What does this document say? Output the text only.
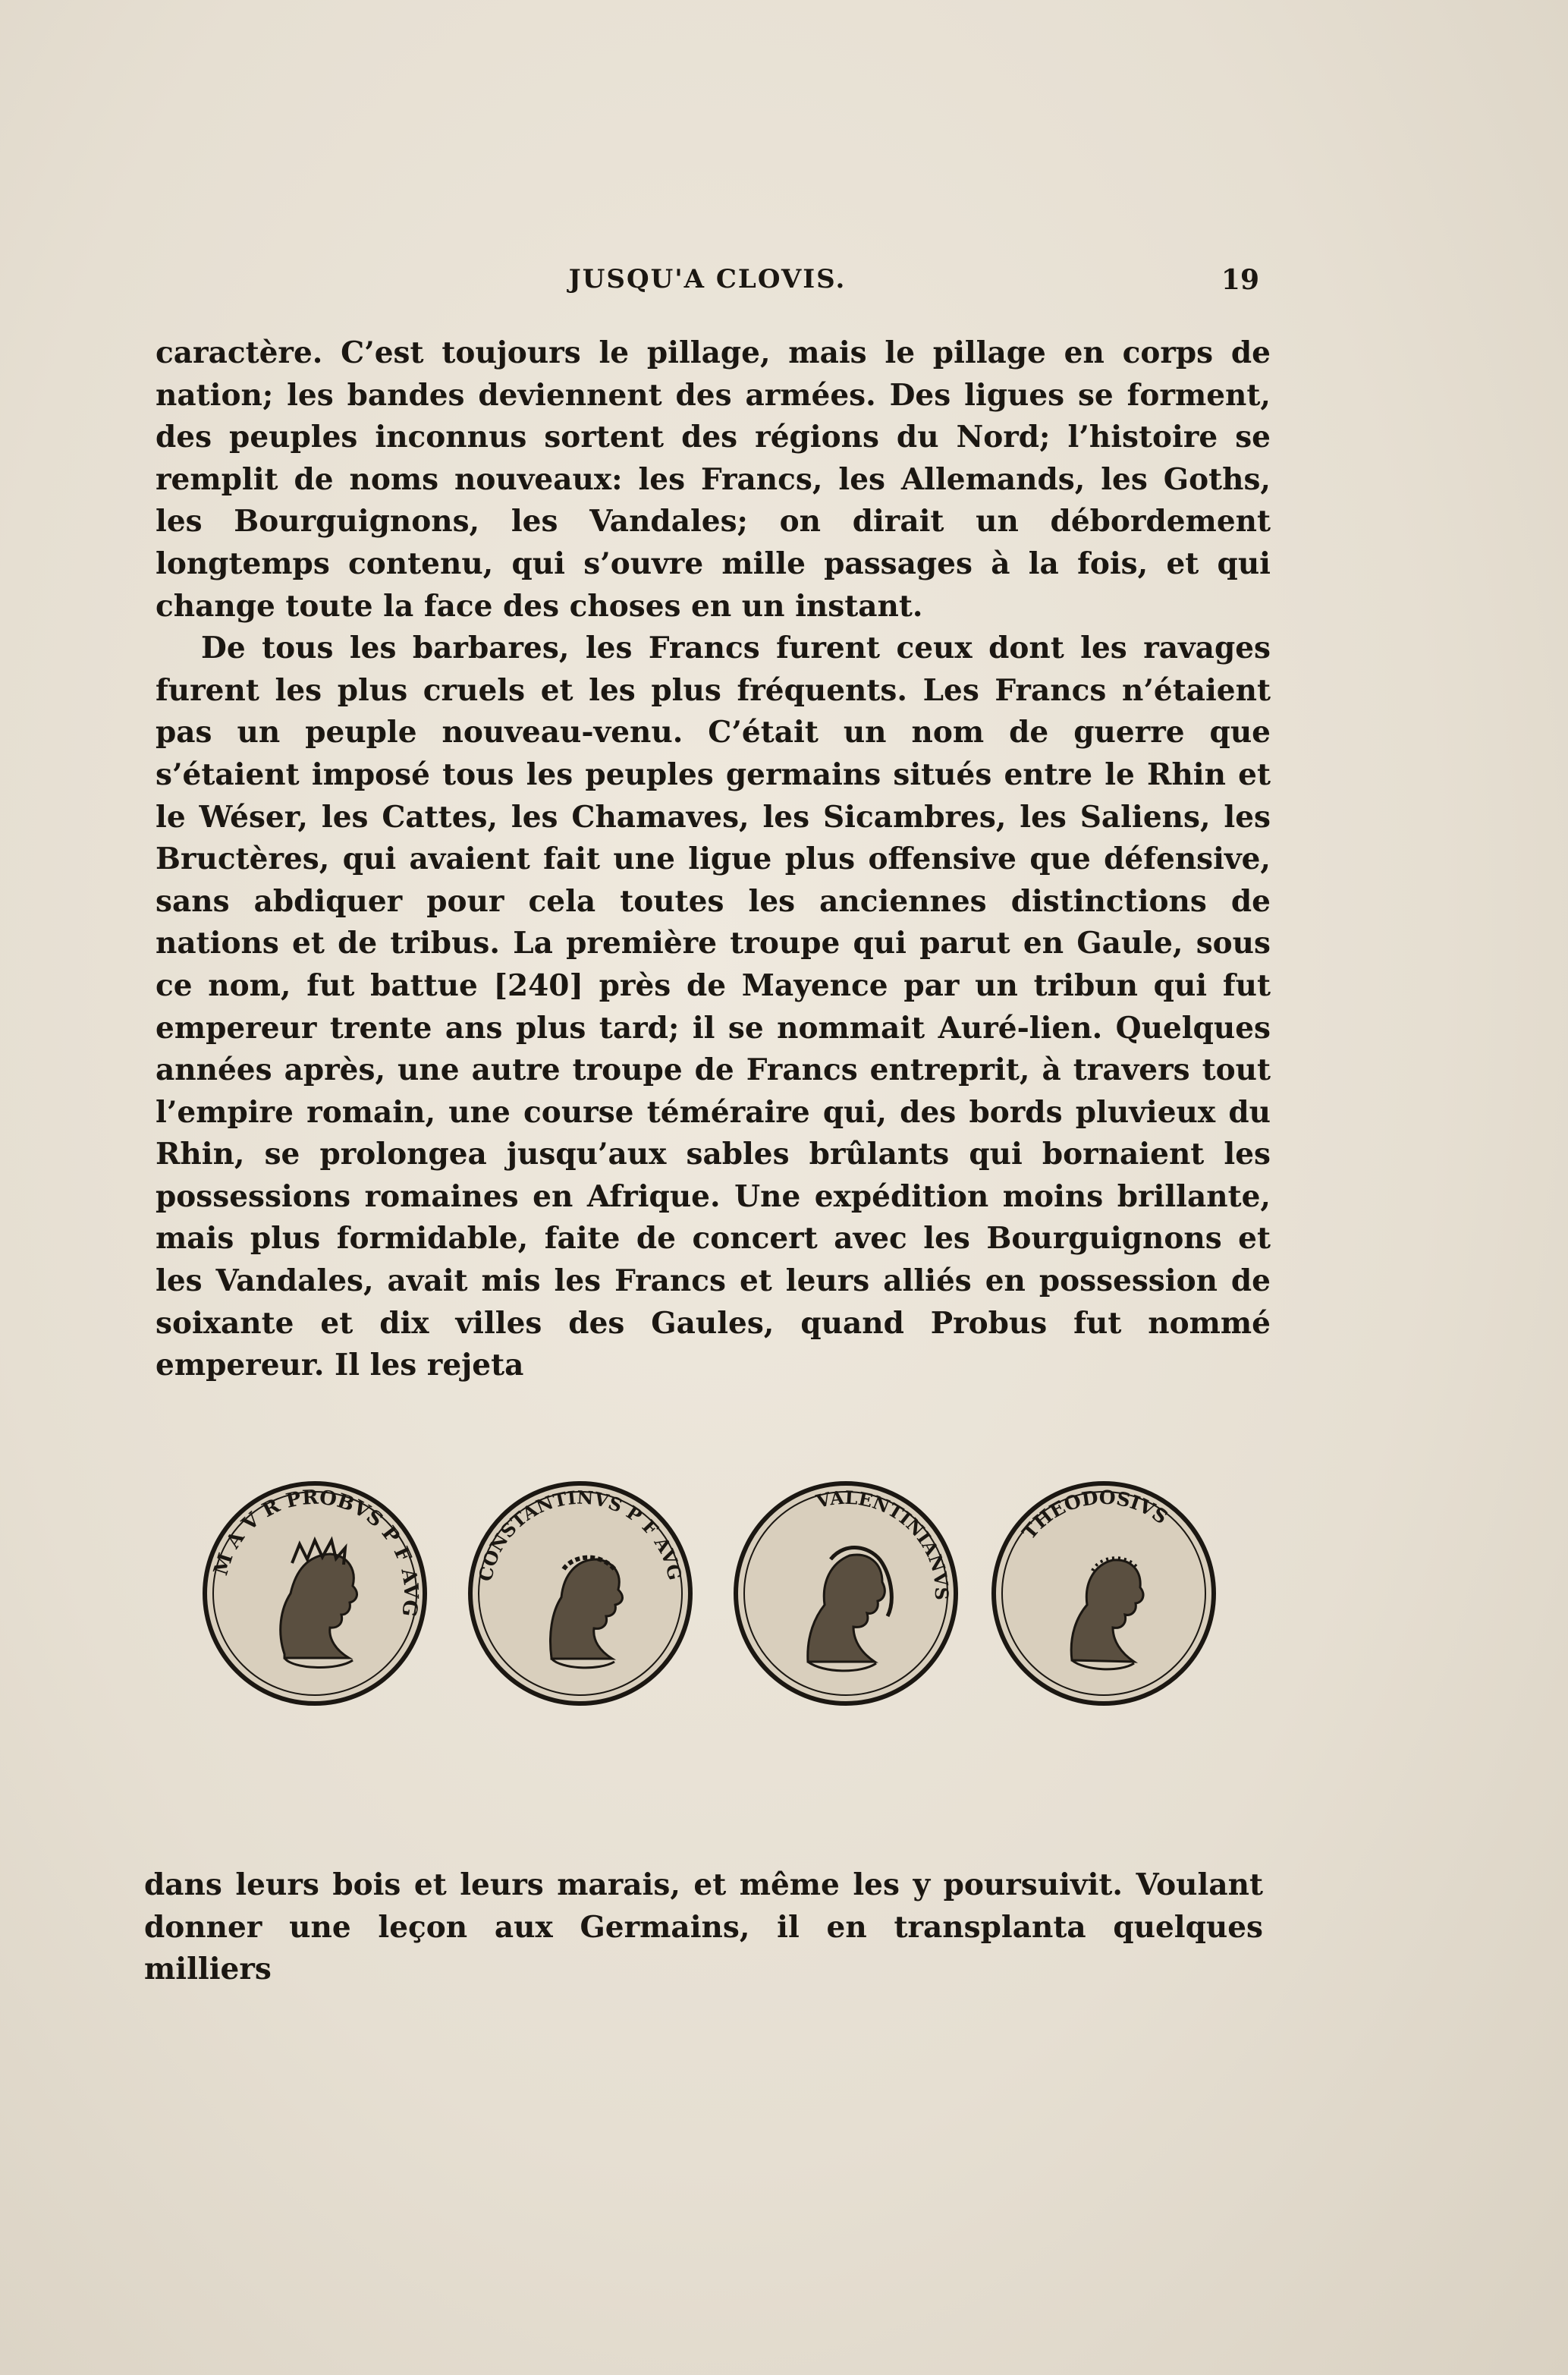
JUSQU'A CLOVIS.	19

caractère. C’est toujours le pillage, mais le pillage en corps de nation; les bandes deviennent des armées. Des ligues se forment, des peuples inconnus sortent des régions du Nord; l’histoire se remplit de noms nouveaux: les Francs, les Allemands, les Goths, les Bourguignons, les Vandales; on dirait un débordement longtemps contenu, qui s’ouvre mille passages à la fois, et qui change toute la face des choses en un instant.

De tous les barbares, les Francs furent ceux dont les ravages furent les plus cruels et les plus fréquents. Les Francs n’étaient pas un peuple nouveau-venu. C’était un nom de guerre que s’étaient imposé tous les peuples germains situés entre le Rhin et le Wéser, les Cattes, les Chamaves, les Sicambres, les Saliens, les Bructères, qui avaient fait une ligue plus offensive que défensive, sans abdiquer pour cela toutes les anciennes distinctions de nations et de tribus. La première troupe qui parut en Gaule, sous ce nom, fut battue [240] près de Mayence par un tribun qui fut empereur trente ans plus tard; il se nommait Auré-lien. Quelques années après, une autre troupe de Francs entreprit, à travers tout l’empire romain, une course téméraire qui, des bords pluvieux du Rhin, se prolongea jusqu’aux sables brûlants qui bornaient les possessions romaines en Afrique. Une expédition moins brillante, mais plus formidable, faite de concert avec les Bourguignons et les Vandales, avait mis les Francs et leurs alliés en possession de soixante et dix villes des Gaules, quand Probus fut nommé empereur. Il les rejeta

M A V R PROBVS P F AVG
CONSTANTINVS P F AVG
VALENTINIANVS
THEODOSIVS

dans leurs bois et leurs marais, et même les y poursuivit. Voulant donner une leçon aux Germains, il en transplanta quelques milliers
